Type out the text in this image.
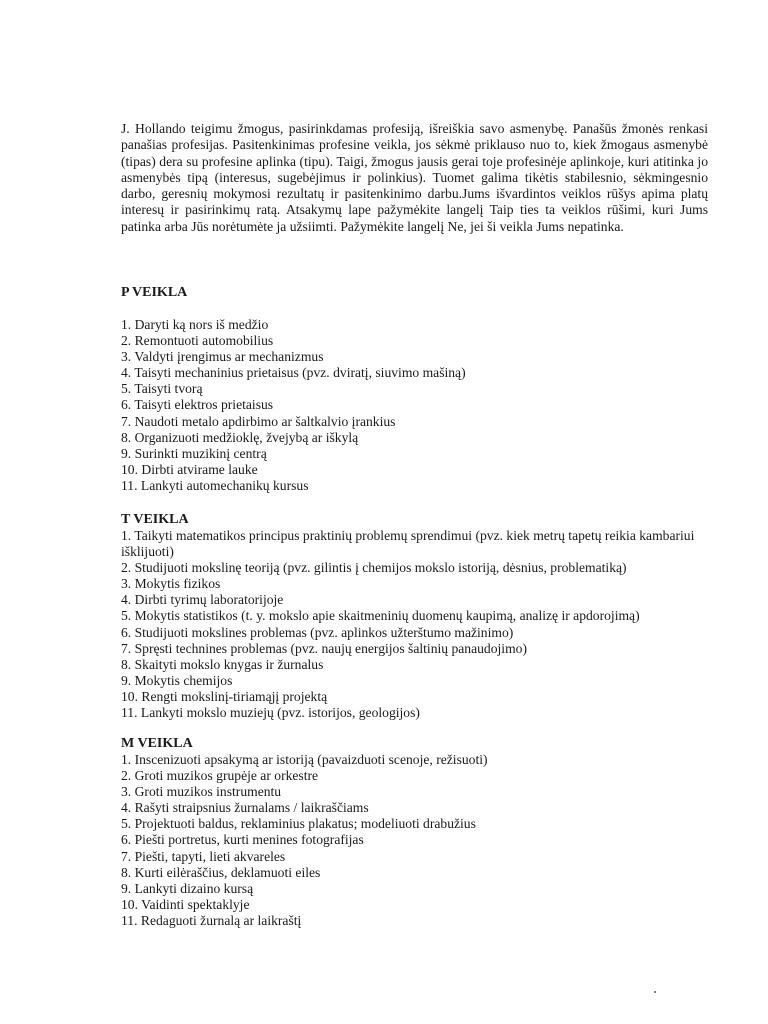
J. Hollando teigimu žmogus, pasirinkdamas profesiją, išreiškia savo asmenybę. Panašūs žmonės renkasi panašias profesijas. Pasitenkinimas profesine veikla, jos sėkmė priklauso nuo to, kiek žmogaus asmenybė (tipas) dera su profesine aplinka (tipu). Taigi, žmogus jausis gerai toje profesinėje aplinkoje, kuri atitinka jo asmenybės tipą (interesus, sugebėjimus ir polinkius). Tuomet galima tikėtis stabilesnio, sėkmingesnio darbo, geresnių mokymosi rezultatų ir pasitenkinimo darbu.Jums išvardintos veiklos rūšys apima platų interesų ir pasirinkimų ratą. Atsakymų lape pažymėkite langelį Taip ties ta veiklos rūšimi, kuri Jums patinka arba Jūs norėtumėte ja užsiimti. Pažymėkite langelį Ne, jei ši veikla Jums nepatinka.

P VEIKLA

1. Daryti ką nors iš medžio
2. Remontuoti automobilius
3. Valdyti įrengimus ar mechanizmus
4. Taisyti mechaninius prietaisus (pvz. dviratį, siuvimo mašiną)
5. Taisyti tvorą
6. Taisyti elektros prietaisus
7. Naudoti metalo apdirbimo ar šaltkalvio įrankius
8. Organizuoti medžioklę, žvejybą ar iškylą
9. Surinkti muzikinį centrą
10. Dirbti atvirame lauke
11. Lankyti automechanikų kursus

T VEIKLA

1. Taikyti matematikos principus praktinių problemų sprendimui (pvz. kiek metrų tapetų reikia kambariui išklijuoti)
2. Studijuoti mokslinę teoriją (pvz. gilintis į chemijos mokslo istoriją, dėsnius, problematiką)
3. Mokytis fizikos
4. Dirbti tyrimų laboratorijoje
5. Mokytis statistikos (t. y. mokslo apie skaitmeninių duomenų kaupimą, analizę ir apdorojimą)
6. Studijuoti mokslines problemas (pvz. aplinkos užterštumo mažinimo)
7. Spręsti technines problemas (pvz. naujų energijos šaltinių panaudojimo)
8. Skaityti mokslo knygas ir žurnalus
9. Mokytis chemijos
10. Rengti mokslinį-tiriamąjį projektą
11. Lankyti mokslo muziejų (pvz. istorijos, geologijos)

M VEIKLA

1. Inscenizuoti apsakymą ar istoriją (pavaizduoti scenoje, režisuoti)
2. Groti muzikos grupėje ar orkestre
3. Groti muzikos instrumentu
4. Rašyti straipsnius žurnalams / laikraščiams
5. Projektuoti baldus, reklaminius plakatus; modeliuoti drabužius
6. Piešti portretus, kurti menines fotografijas
7. Piešti, tapyti, lieti akvareles
8. Kurti eilėraščius, deklamuoti eiles
9. Lankyti dizaino kursą
10. Vaidinti spektaklyje
11. Redaguoti žurnalą ar laikraštį
